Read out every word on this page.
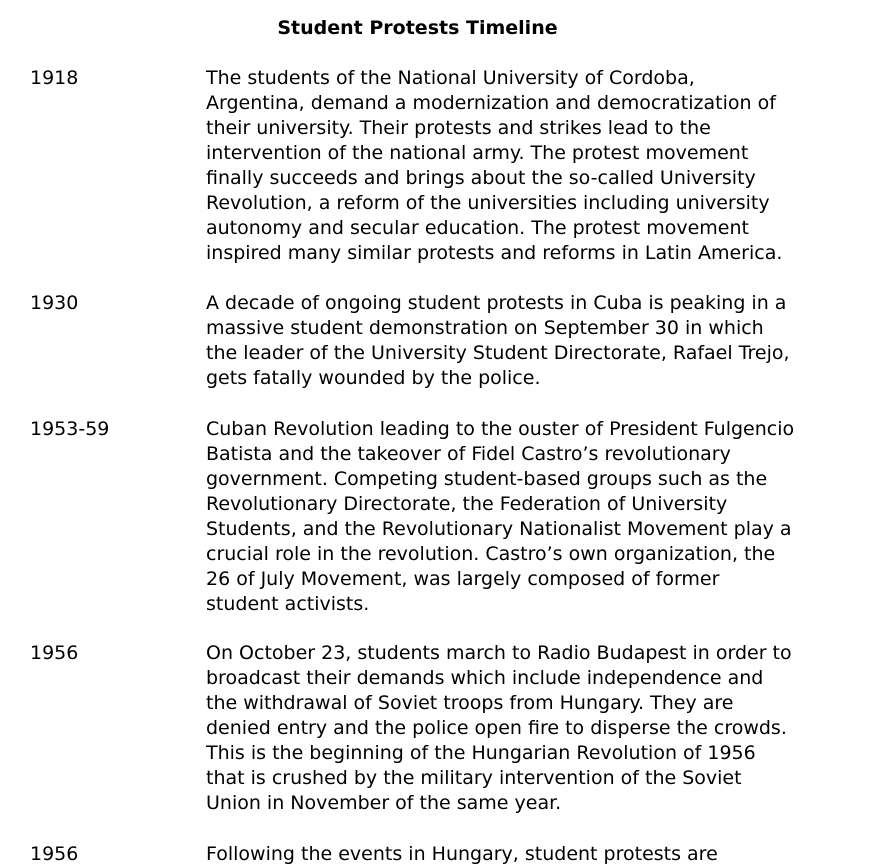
Student Protests Timeline
1918	The students of the National University of Cordoba,
Argentina, demand a modernization and democratization of
their university. Their protests and strikes lead to the
intervention of the national army. The protest movement
finally succeeds and brings about the so-called University
Revolution, a reform of the universities including university
autonomy and secular education. The protest movement
inspired many similar protests and reforms in Latin America.
1930	A decade of ongoing student protests in Cuba is peaking in a
massive student demonstration on September 30 in which
the leader of the University Student Directorate, Rafael Trejo,
gets fatally wounded by the police.
1953-59	Cuban Revolution leading to the ouster of President Fulgencio
Batista and the takeover of Fidel Castro’s revolutionary
government. Competing student-based groups such as the
Revolutionary Directorate, the Federation of University
Students, and the Revolutionary Nationalist Movement play a
crucial role in the revolution. Castro’s own organization, the
26 of July Movement, was largely composed of former
student activists.
1956	On October 23, students march to Radio Budapest in order to
broadcast their demands which include independence and
the withdrawal of Soviet troops from Hungary. They are
denied entry and the police open fire to disperse the crowds.
This is the beginning of the Hungarian Revolution of 1956
that is crushed by the military intervention of the Soviet
Union in November of the same year.
1956	Following the events in Hungary, student protests are
